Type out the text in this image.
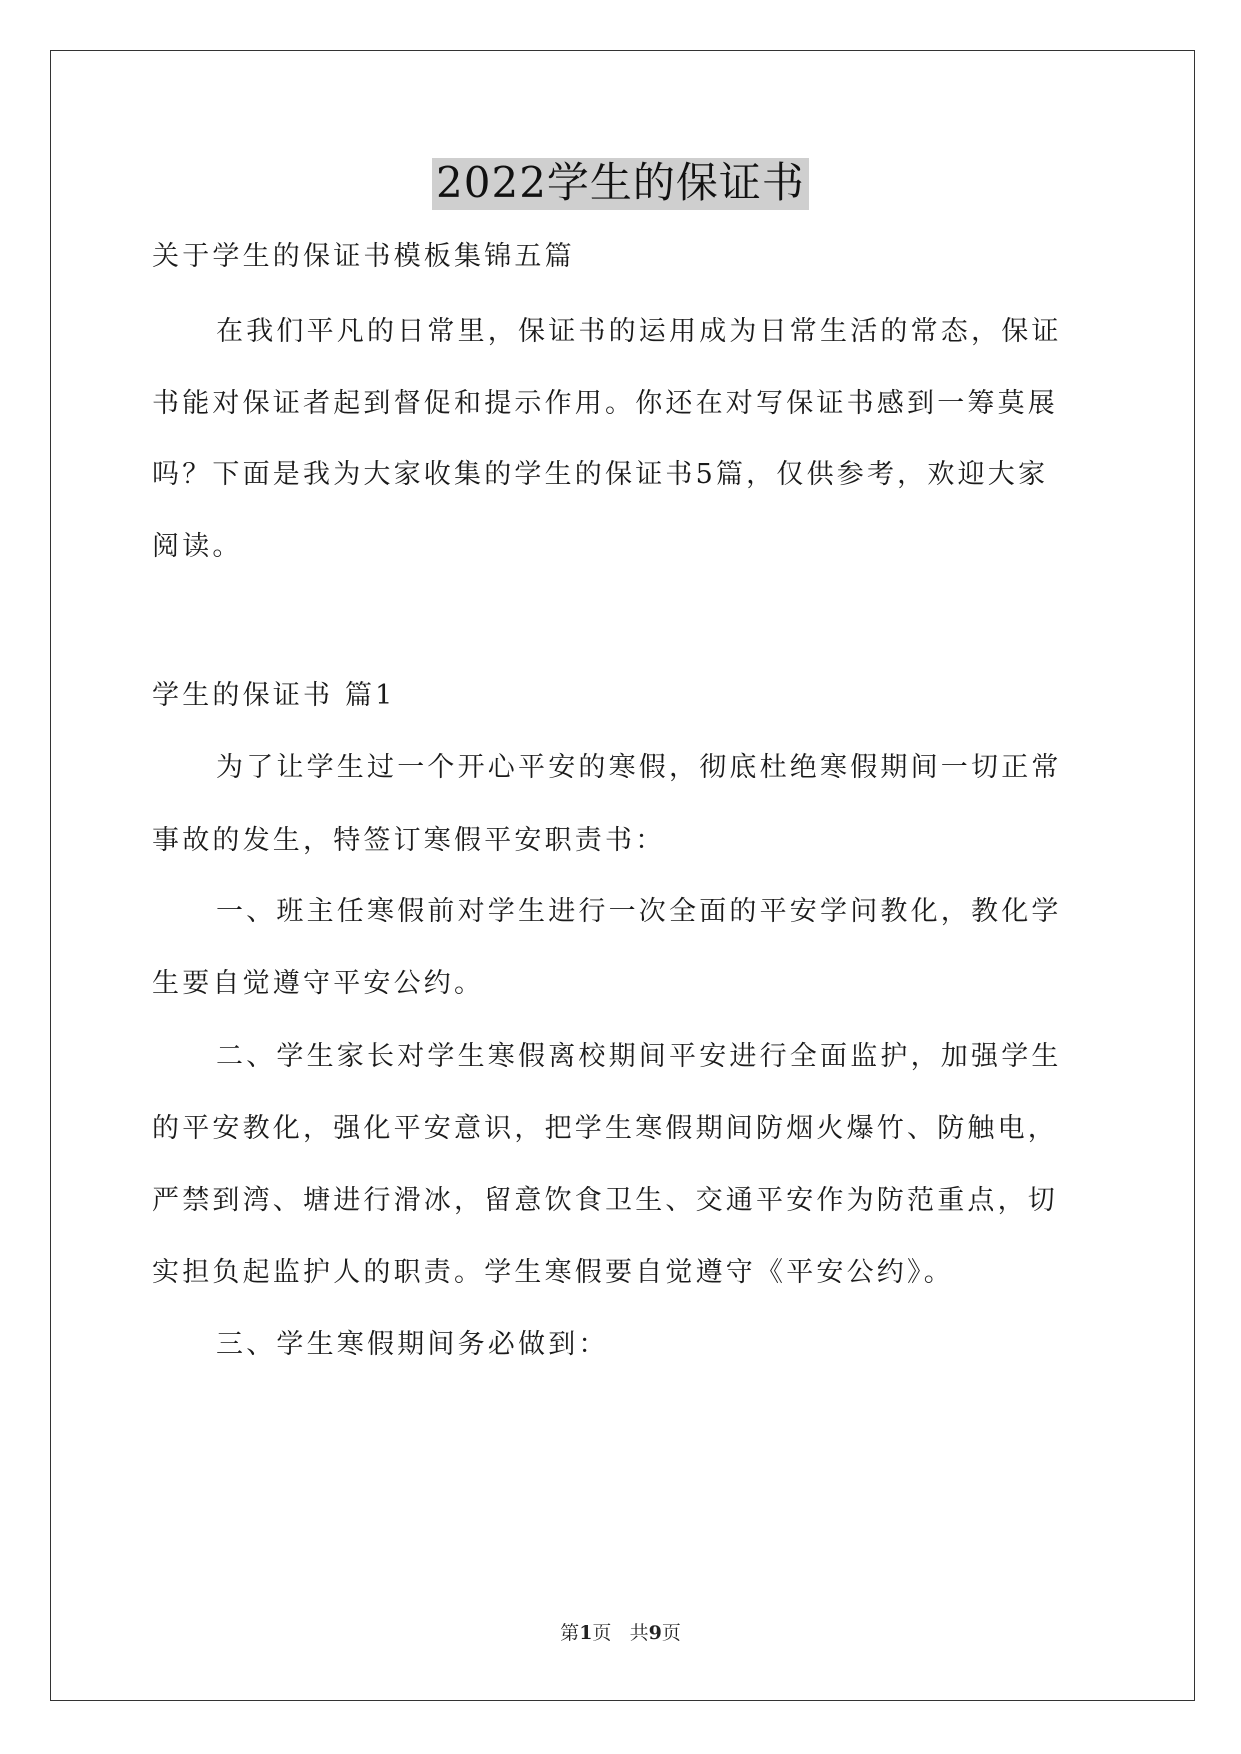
2022学生的保证书
关于学生的保证书模板集锦五篇
在我们平凡的日常里，保证书的运用成为日常生活的常态，保证
书能对保证者起到督促和提示作用。你还在对写保证书感到一筹莫展
吗？下面是我为大家收集的学生的保证书5篇，仅供参考，欢迎大家
阅读。
学生的保证书 篇1
为了让学生过一个开心平安的寒假，彻底杜绝寒假期间一切正常
事故的发生，特签订寒假平安职责书：
一、班主任寒假前对学生进行一次全面的平安学问教化，教化学
生要自觉遵守平安公约。
二、学生家长对学生寒假离校期间平安进行全面监护，加强学生
的平安教化，强化平安意识，把学生寒假期间防烟火爆竹、防触电，
严禁到湾、塘进行滑冰，留意饮食卫生、交通平安作为防范重点，切
实担负起监护人的职责。学生寒假要自觉遵守《平安公约》。
三、学生寒假期间务必做到：
第1页 共9页
